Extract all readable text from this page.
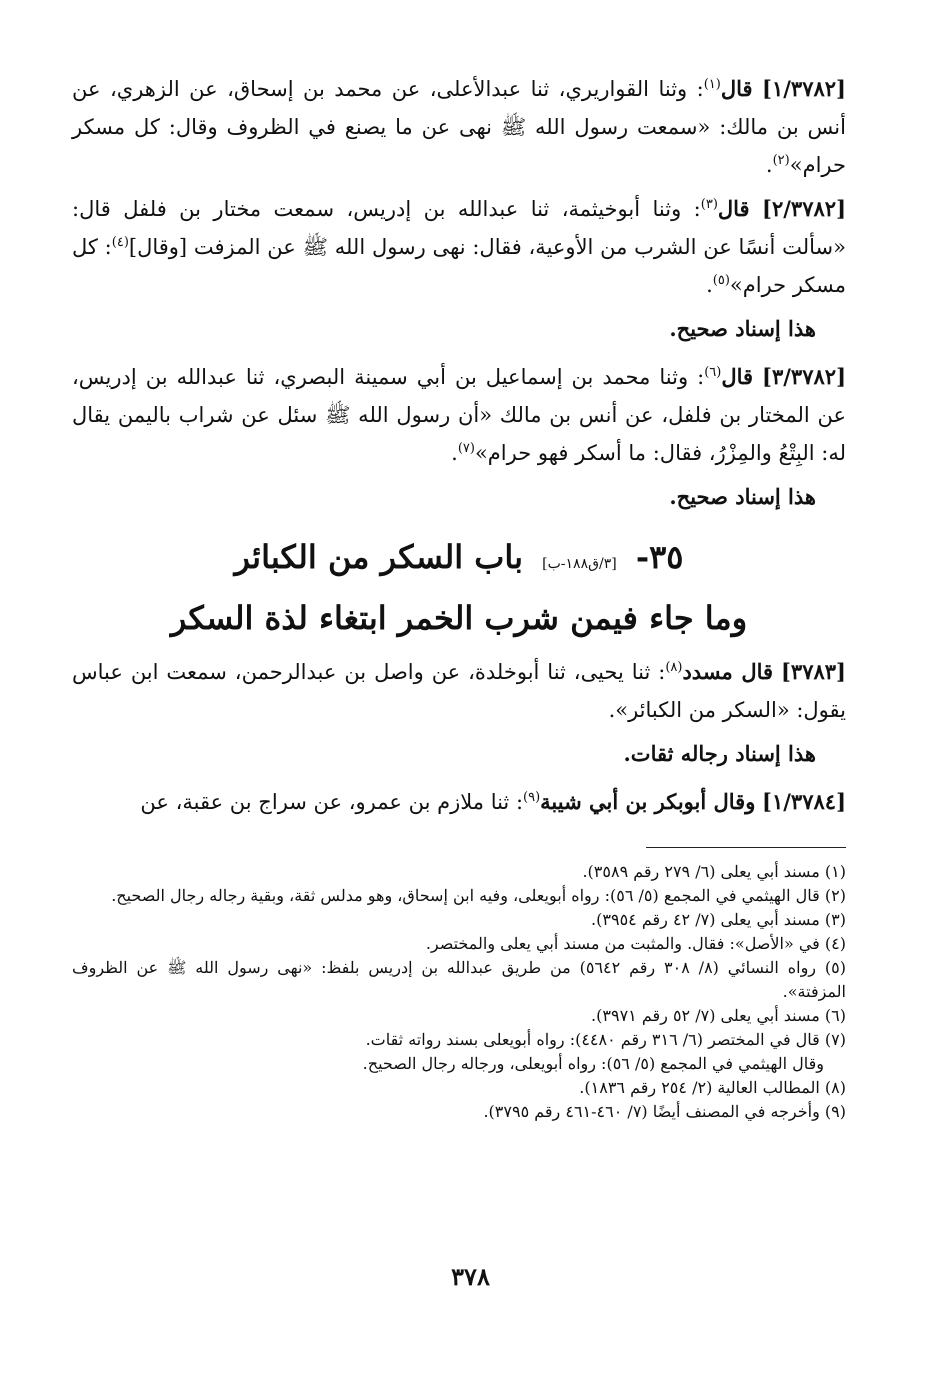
[١/٣٧٨٢] قال$^{(١)}$: وثنا القواريري، ثنا عبدالأعلى، عن محمد بن إسحاق، عن الزهري، عن أنس بن مالك: «سمعت رسول الله ﷺ نهى عن ما يصنع في الظروف وقال: كل مسكر حرام»$^{(٢)}$.

[٢/٣٧٨٢] قال$^{(٣)}$: وثنا أبوخيثمة، ثنا عبدالله بن إدريس، سمعت مختار بن فلفل قال: «سألت أنسًا عن الشرب من الأوعية، فقال: نهى رسول الله ﷺ عن المزفت [وقال]$^{(٤)}$: كل مسكر حرام»$^{(٥)}$.

هذا إسناد صحيح.

[٣/٣٧٨٢] قال$^{(٦)}$: وثنا محمد بن إسماعيل بن أبي سمينة البصري، ثنا عبدالله بن إدريس، عن المختار بن فلفل، عن أنس بن مالك «أن رسول الله ﷺ سئل عن شراب باليمن يقال له: البِتْعُ والمِزْرُ، فقال: ما أسكر فهو حرام»$^{(٧)}$.

هذا إسناد صحيح.

٣٥- [٣/ق١٨٨-ب] باب السكر من الكبائر
وما جاء فيمن شرب الخمر ابتغاء لذة السكر

[٣٧٨٣] قال مسدد$^{(٨)}$: ثنا يحيى، ثنا أبوخلدة، عن واصل بن عبدالرحمن، سمعت ابن عباس يقول: «السكر من الكبائر».

هذا إسناد رجاله ثقات.

[١/٣٧٨٤] وقال أبوبكر بن أبي شيبة$^{(٩)}$: ثنا ملازم بن عمرو، عن سراج بن عقبة، عن

(١) مسند أبي يعلى (٦/ ٢٧٩ رقم ٣٥٨٩).

(٢) قال الهيثمي في المجمع (٥/ ٥٦): رواه أبويعلى، وفيه ابن إسحاق، وهو مدلس ثقة، وبقية رجاله رجال الصحيح.

(٣) مسند أبي يعلى (٧/ ٤٢ رقم ٣٩٥٤).

(٤) في «الأصل»: فقال. والمثبت من مسند أبي يعلى والمختصر.

(٥) رواه النسائي (٨/ ٣٠٨ رقم ٥٦٤٢) من طريق عبدالله بن إدريس بلفظ: «نهى رسول الله ﷺ عن الظروف المزفتة».

(٦) مسند أبي يعلى (٧/ ٥٢ رقم ٣٩٧١).

(٧) قال في المختصر (٦/ ٣١٦ رقم ٤٤٨٠): رواه أبويعلى بسند رواته ثقات.

وقال الهيثمي في المجمع (٥/ ٥٦): رواه أبويعلى، ورجاله رجال الصحيح.

(٨) المطالب العالية (٢/ ٢٥٤ رقم ١٨٣٦).

(٩) وأخرجه في المصنف أيضًا (٧/ ٤٦٠-٤٦١ رقم ٣٧٩٥).

٣٧٨
